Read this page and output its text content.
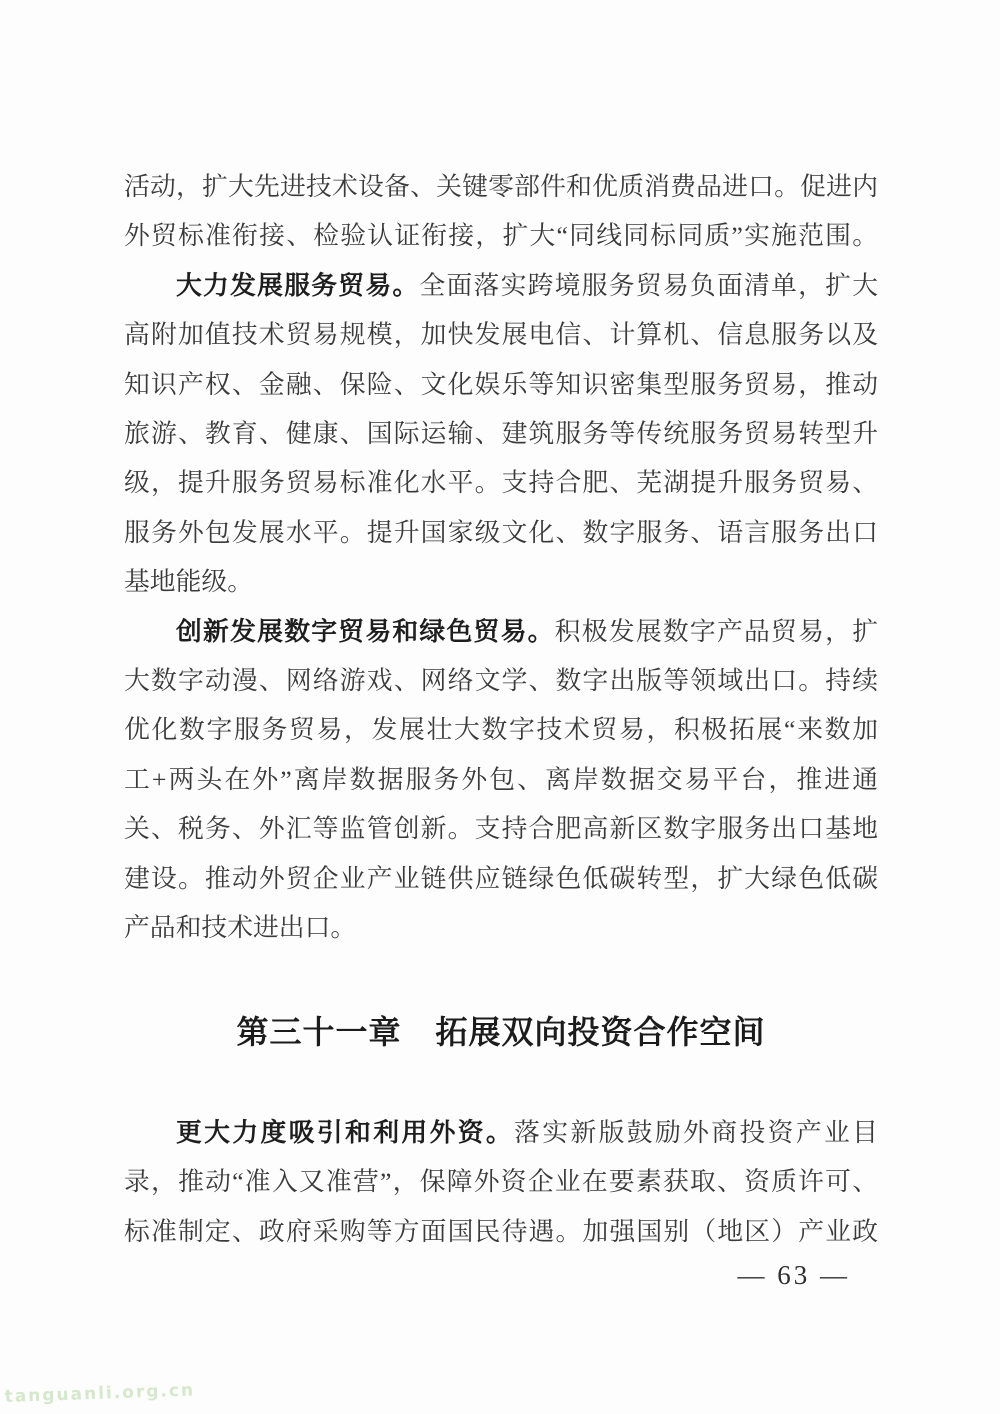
活动，扩大先进技术设备、关键零部件和优质消费品进口。促进内
外贸标准衔接、检验认证衔接，扩大“同线同标同质”实施范围。
大力发展服务贸易。全面落实跨境服务贸易负面清单，扩大
高附加值技术贸易规模，加快发展电信、计算机、信息服务以及
知识产权、金融、保险、文化娱乐等知识密集型服务贸易，推动
旅游、教育、健康、国际运输、建筑服务等传统服务贸易转型升
级，提升服务贸易标准化水平。支持合肥、芜湖提升服务贸易、
服务外包发展水平。提升国家级文化、数字服务、语言服务出口
基地能级。
创新发展数字贸易和绿色贸易。积极发展数字产品贸易，扩
大数字动漫、网络游戏、网络文学、数字出版等领域出口。持续
优化数字服务贸易，发展壮大数字技术贸易，积极拓展“来数加
工+两头在外”离岸数据服务外包、离岸数据交易平台，推进通
关、税务、外汇等监管创新。支持合肥高新区数字服务出口基地
建设。推动外贸企业产业链供应链绿色低碳转型，扩大绿色低碳
产品和技术进出口。
第三十一章 拓展双向投资合作空间
更大力度吸引和利用外资。落实新版鼓励外商投资产业目
录，推动“准入又准营”，保障外资企业在要素获取、资质许可、
标准制定、政府采购等方面国民待遇。加强国别（地区）产业政
— 63 —
tanguanli.org.cn
